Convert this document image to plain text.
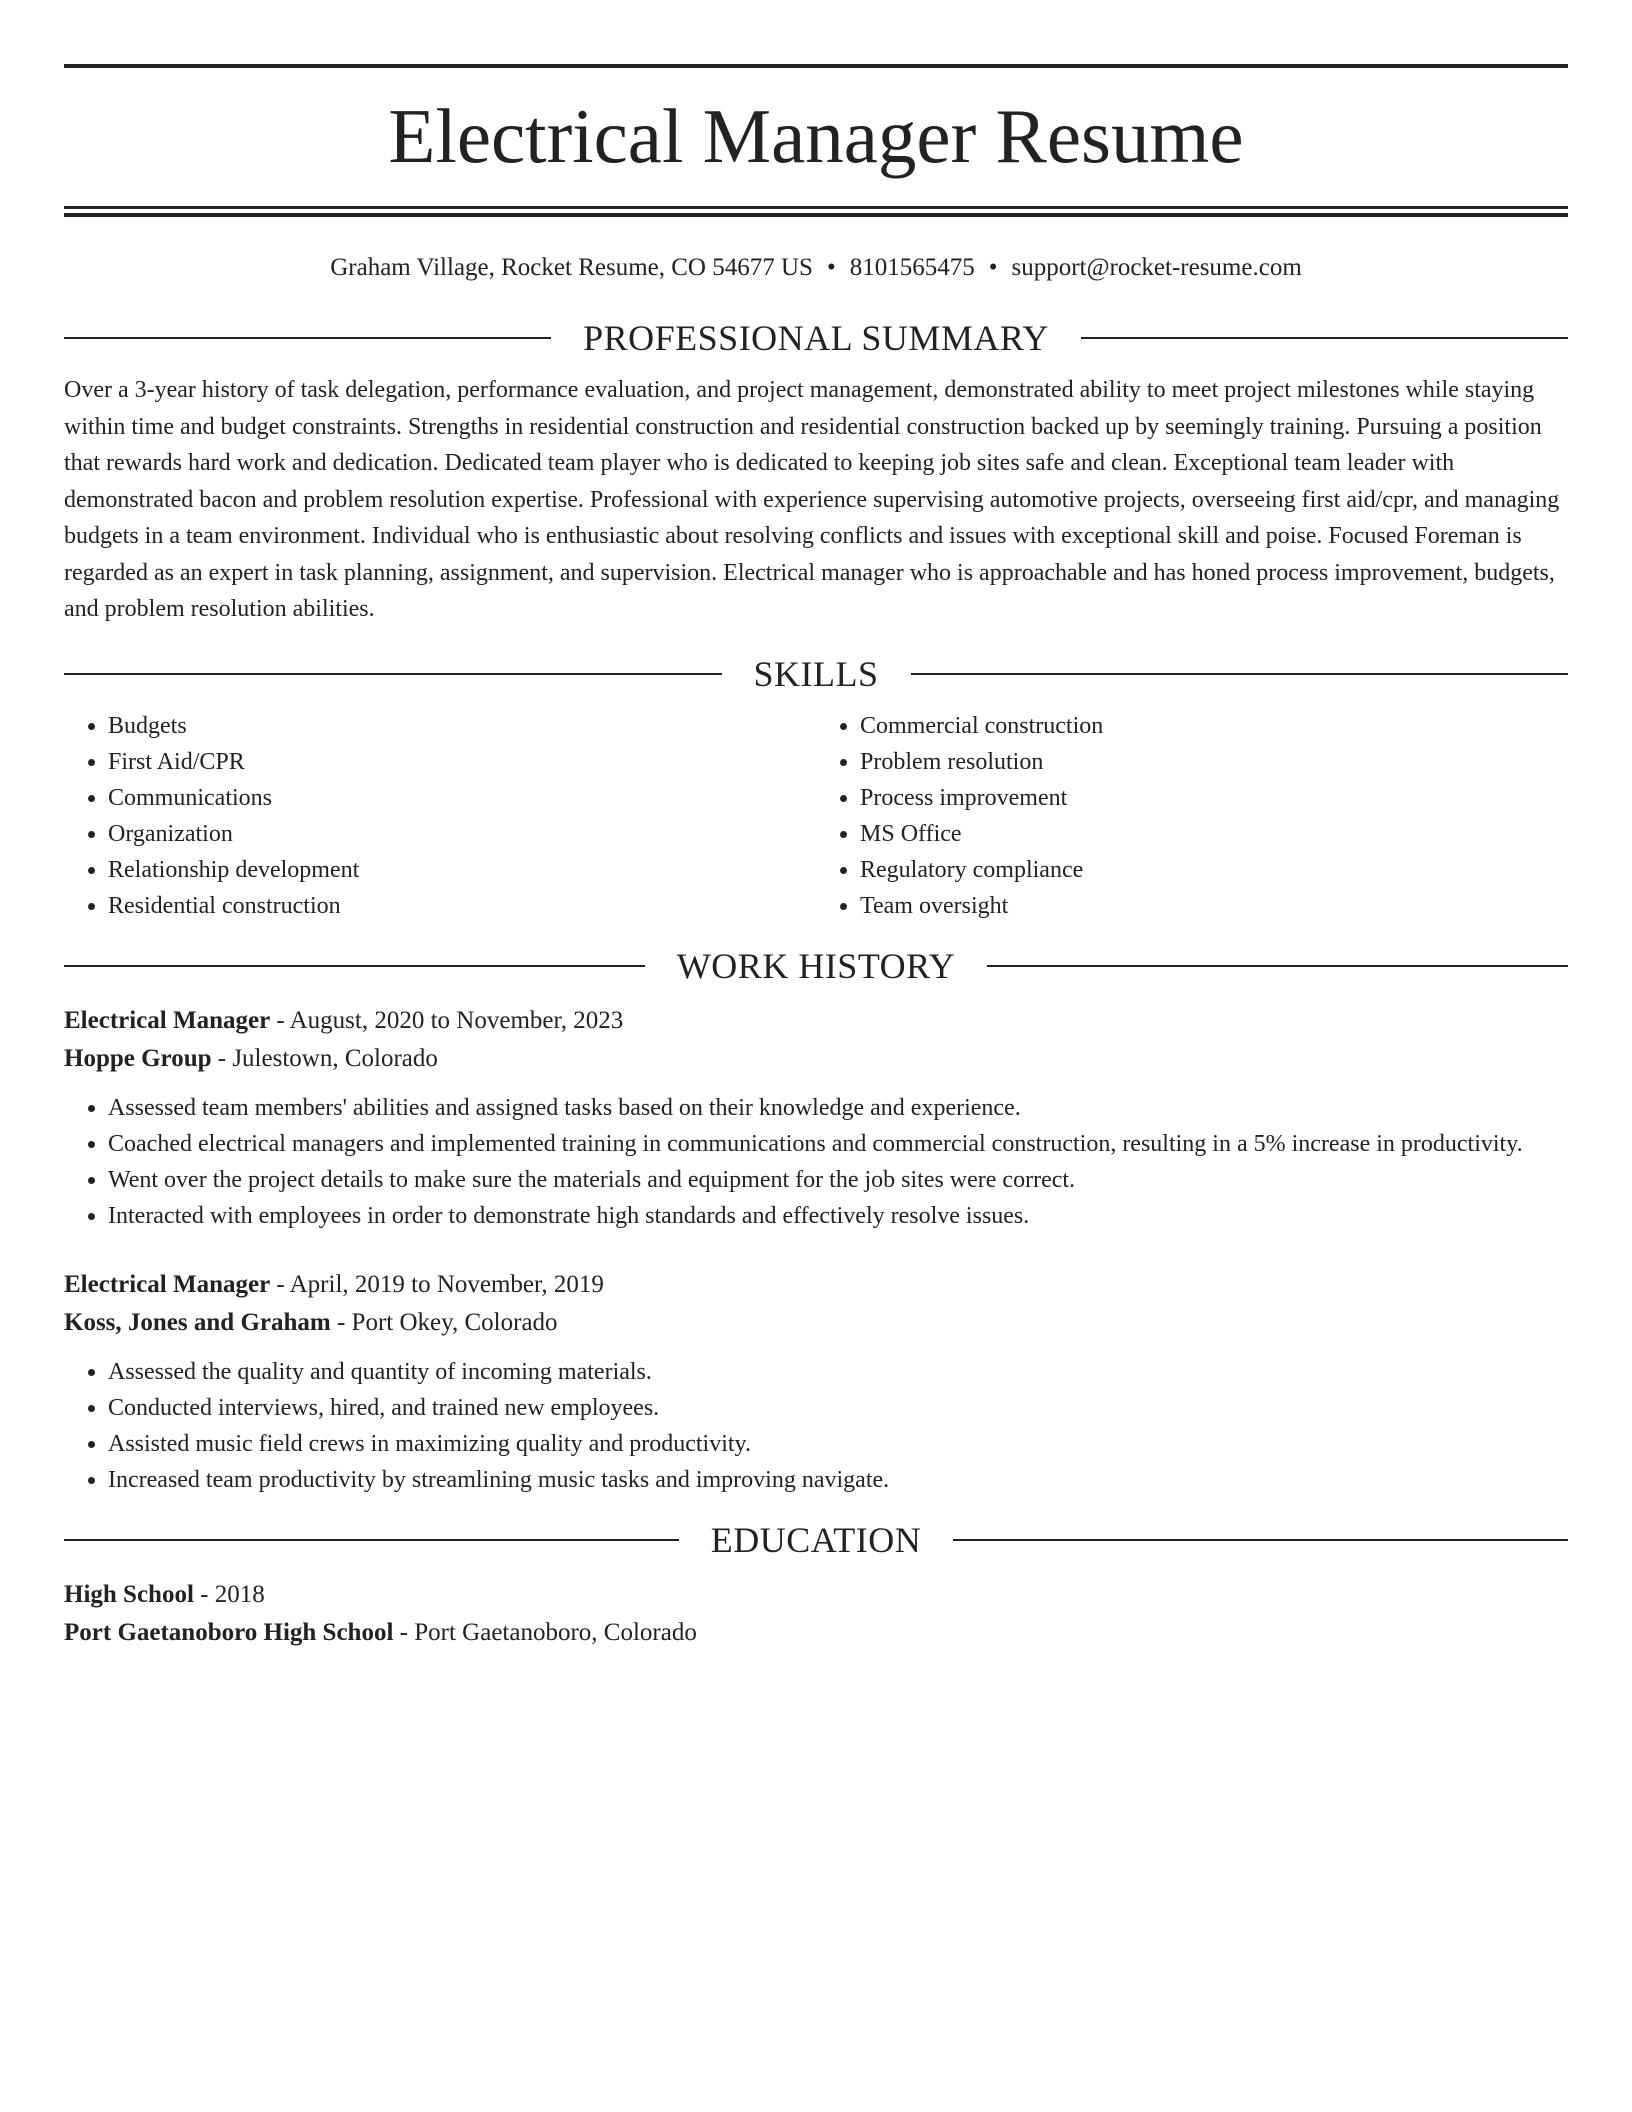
Electrical Manager Resume
Graham Village, Rocket Resume, CO 54677 US • 8101565475 • support@rocket-resume.com
PROFESSIONAL SUMMARY

Over a 3-year history of task delegation, performance evaluation, and project management, demonstrated ability to meet project milestones while staying within time and budget constraints. Strengths in residential construction and residential construction backed up by seemingly training. Pursuing a position that rewards hard work and dedication. Dedicated team player who is dedicated to keeping job sites safe and clean. Exceptional team leader with demonstrated bacon and problem resolution expertise. Professional with experience supervising automotive projects, overseeing first aid/cpr, and managing budgets in a team environment. Individual who is enthusiastic about resolving conflicts and issues with exceptional skill and poise. Focused Foreman is regarded as an expert in task planning, assignment, and supervision. Electrical manager who is approachable and has honed process improvement, budgets, and problem resolution abilities.

SKILLS
• Budgets
• First Aid/CPR
• Communications
• Organization
• Relationship development
• Residential construction
• Commercial construction
• Problem resolution
• Process improvement
• MS Office
• Regulatory compliance
• Team oversight
WORK HISTORY
Electrical Manager - August, 2020 to November, 2023
Hoppe Group - Julestown, Colorado
• Assessed team members' abilities and assigned tasks based on their knowledge and experience.
• Coached electrical managers and implemented training in communications and commercial construction, resulting in a 5% increase in productivity.
• Went over the project details to make sure the materials and equipment for the job sites were correct.
• Interacted with employees in order to demonstrate high standards and effectively resolve issues.
Electrical Manager - April, 2019 to November, 2019
Koss, Jones and Graham - Port Okey, Colorado
• Assessed the quality and quantity of incoming materials.
• Conducted interviews, hired, and trained new employees.
• Assisted music field crews in maximizing quality and productivity.
• Increased team productivity by streamlining music tasks and improving navigate.
EDUCATION
High School - 2018
Port Gaetanoboro High School - Port Gaetanoboro, Colorado
